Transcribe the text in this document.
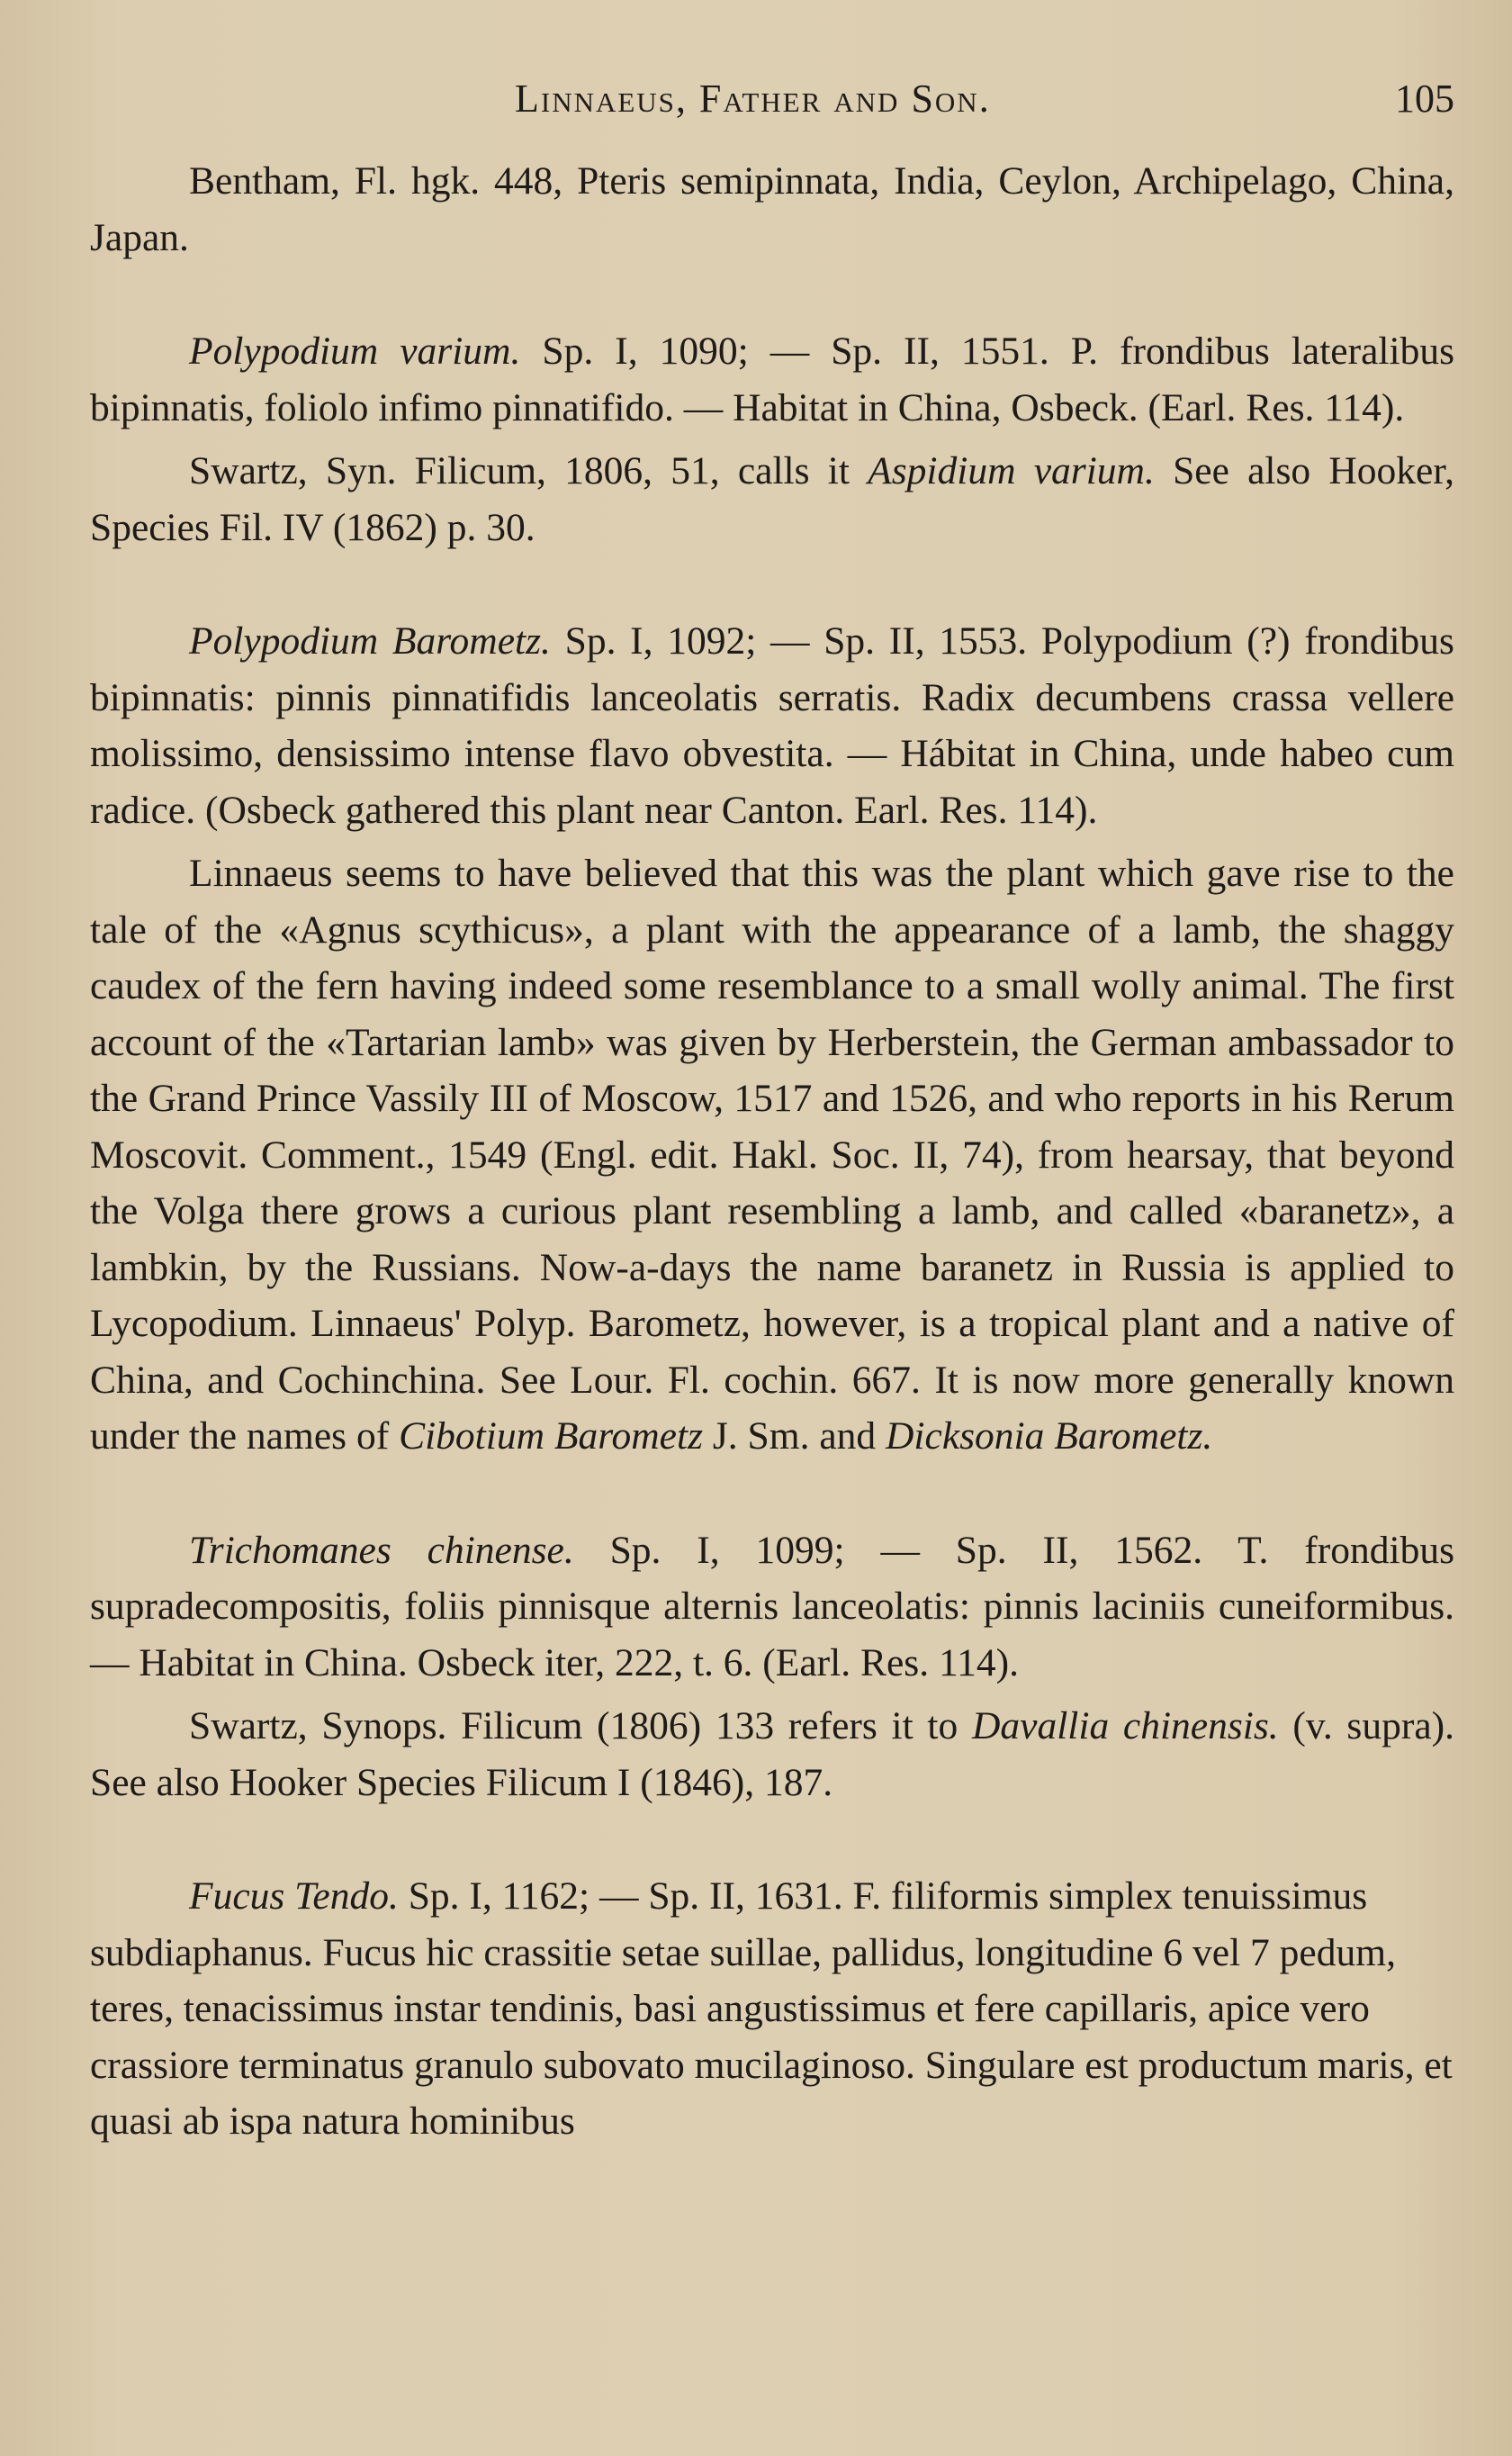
Linnaeus, Father and Son.	105

Bentham, Fl. hgk. 448, Pteris semipinnata, India, Ceylon, Archipelago, China, Japan.

Polypodium varium. Sp. I, 1090; — Sp. II, 1551. P. frondibus lateralibus bipinnatis, foliolo infimo pinnatifido. — Habitat in China, Osbeck. (Earl. Res. 114).

Swartz, Syn. Filicum, 1806, 51, calls it Aspidium varium. See also Hooker, Species Fil. IV (1862) p. 30.

Polypodium Barometz. Sp. I, 1092; — Sp. II, 1553. Polypodium (?) frondibus bipinnatis: pinnis pinnatifidis lanceolatis serratis. Radix decumbens crassa vellere molissimo, densissimo intense flavo obvestita. — Hábitat in China, unde habeo cum radice. (Osbeck gathered this plant near Canton. Earl. Res. 114).

Linnaeus seems to have believed that this was the plant which gave rise to the tale of the «Agnus scythicus», a plant with the appearance of a lamb, the shaggy caudex of the fern having indeed some resemblance to a small wolly animal. The first account of the «Tartarian lamb» was given by Herberstein, the German ambassador to the Grand Prince Vassily III of Moscow, 1517 and 1526, and who reports in his Rerum Moscovit. Comment., 1549 (Engl. edit. Hakl. Soc. II, 74), from hearsay, that beyond the Volga there grows a curious plant resembling a lamb, and called «baranetz», a lambkin, by the Russians. Now-a-days the name baranetz in Russia is applied to Lycopodium. Linnaeus' Polyp. Barometz, however, is a tropical plant and a native of China, and Cochinchina. See Lour. Fl. cochin. 667. It is now more generally known under the names of Cibotium Barometz J. Sm. and Dicksonia Barometz.

Trichomanes chinense. Sp. I, 1099; — Sp. II, 1562. T. frondibus supradecompositis, foliis pinnisque alternis lanceolatis: pinnis laciniis cuneiformibus. — Habitat in China. Osbeck iter, 222, t. 6. (Earl. Res. 114).

Swartz, Synops. Filicum (1806) 133 refers it to Davallia chinensis. (v. supra). See also Hooker Species Filicum I (1846), 187.

Fucus Tendo. Sp. I, 1162; — Sp. II, 1631. F. filiformis simplex tenuissimus subdiaphanus. Fucus hic crassitie setae suillae, pallidus, longitudine 6 vel 7 pedum, teres, tenacissimus instar tendinis, basi angustissimus et fere capillaris, apice vero crassiore terminatus granulo subovato mucilaginoso. Singulare est productum maris, et quasi ab ispa natura hominibus
